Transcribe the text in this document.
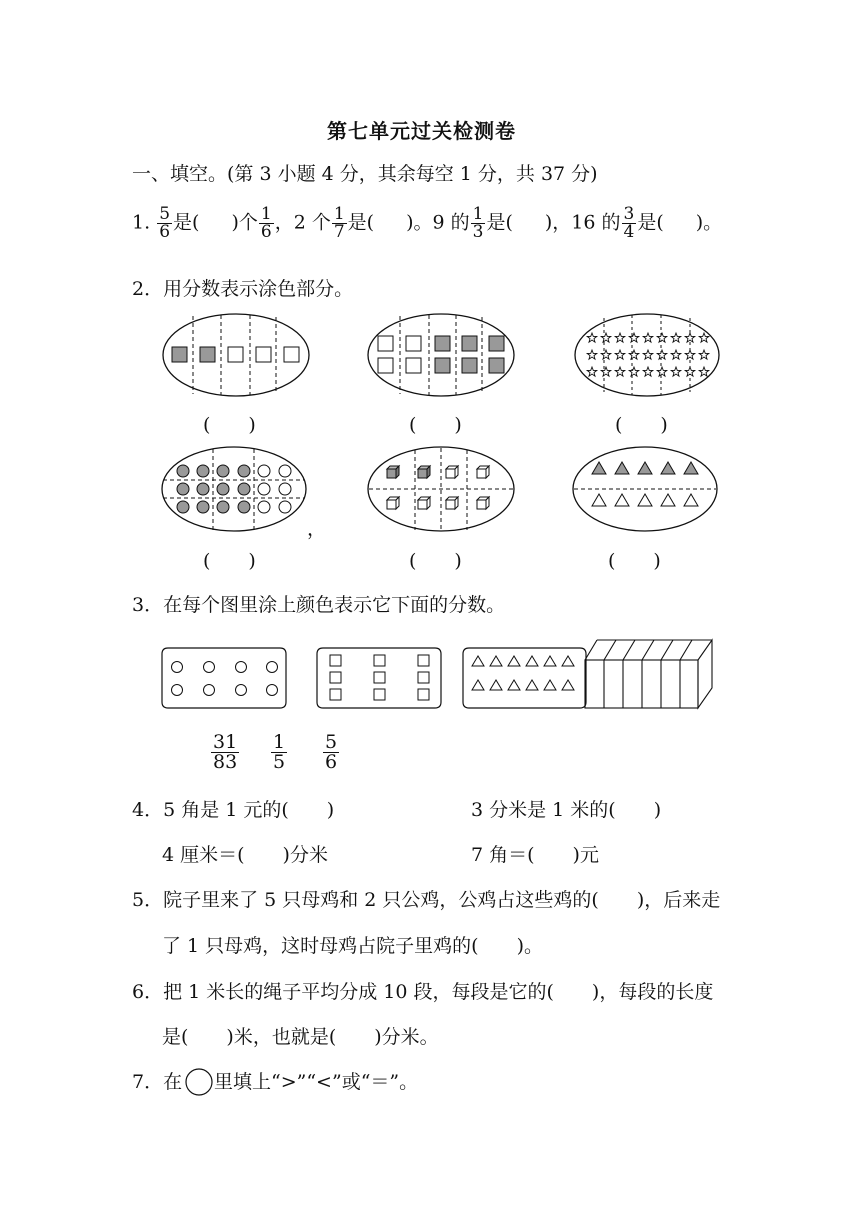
第七单元过关检测卷
一、填空。(第 3 小题 4 分，其余每空 1 分，共 37 分)
1. $\frac{5}{6}$ 是( )个 $\frac{1}{6}$ ，2 个 $\frac{1}{7}$ 是( )。9 的 $\frac{1}{3}$ 是( )，16 的 $\frac{3}{4}$ 是( )。
2．用分数表示涂色部分。
(　　)	(　　)	(　　)
，
(　　)	(　　)	(　　)
3．在每个图里涂上颜色表示它下面的分数。
$\frac{31}{83} \frac{1}{5} \frac{5}{6}$
4．5 角是 1 元的(　　)	3 分米是 1 米的(　　)
4 厘米＝(　　)分米	7 角＝(　　)元
5．院子里来了 5 只母鸡和 2 只公鸡，公鸡占这些鸡的(　　)，后来走
了 1 只母鸡，这时母鸡占院子里鸡的(　　)。
6．把 1 米长的绳子平均分成 10 段，每段是它的(　　)，每段的长度
是(　　)米，也就是(　　)分米。
7．在 里填上“>”“<”或“＝”。
